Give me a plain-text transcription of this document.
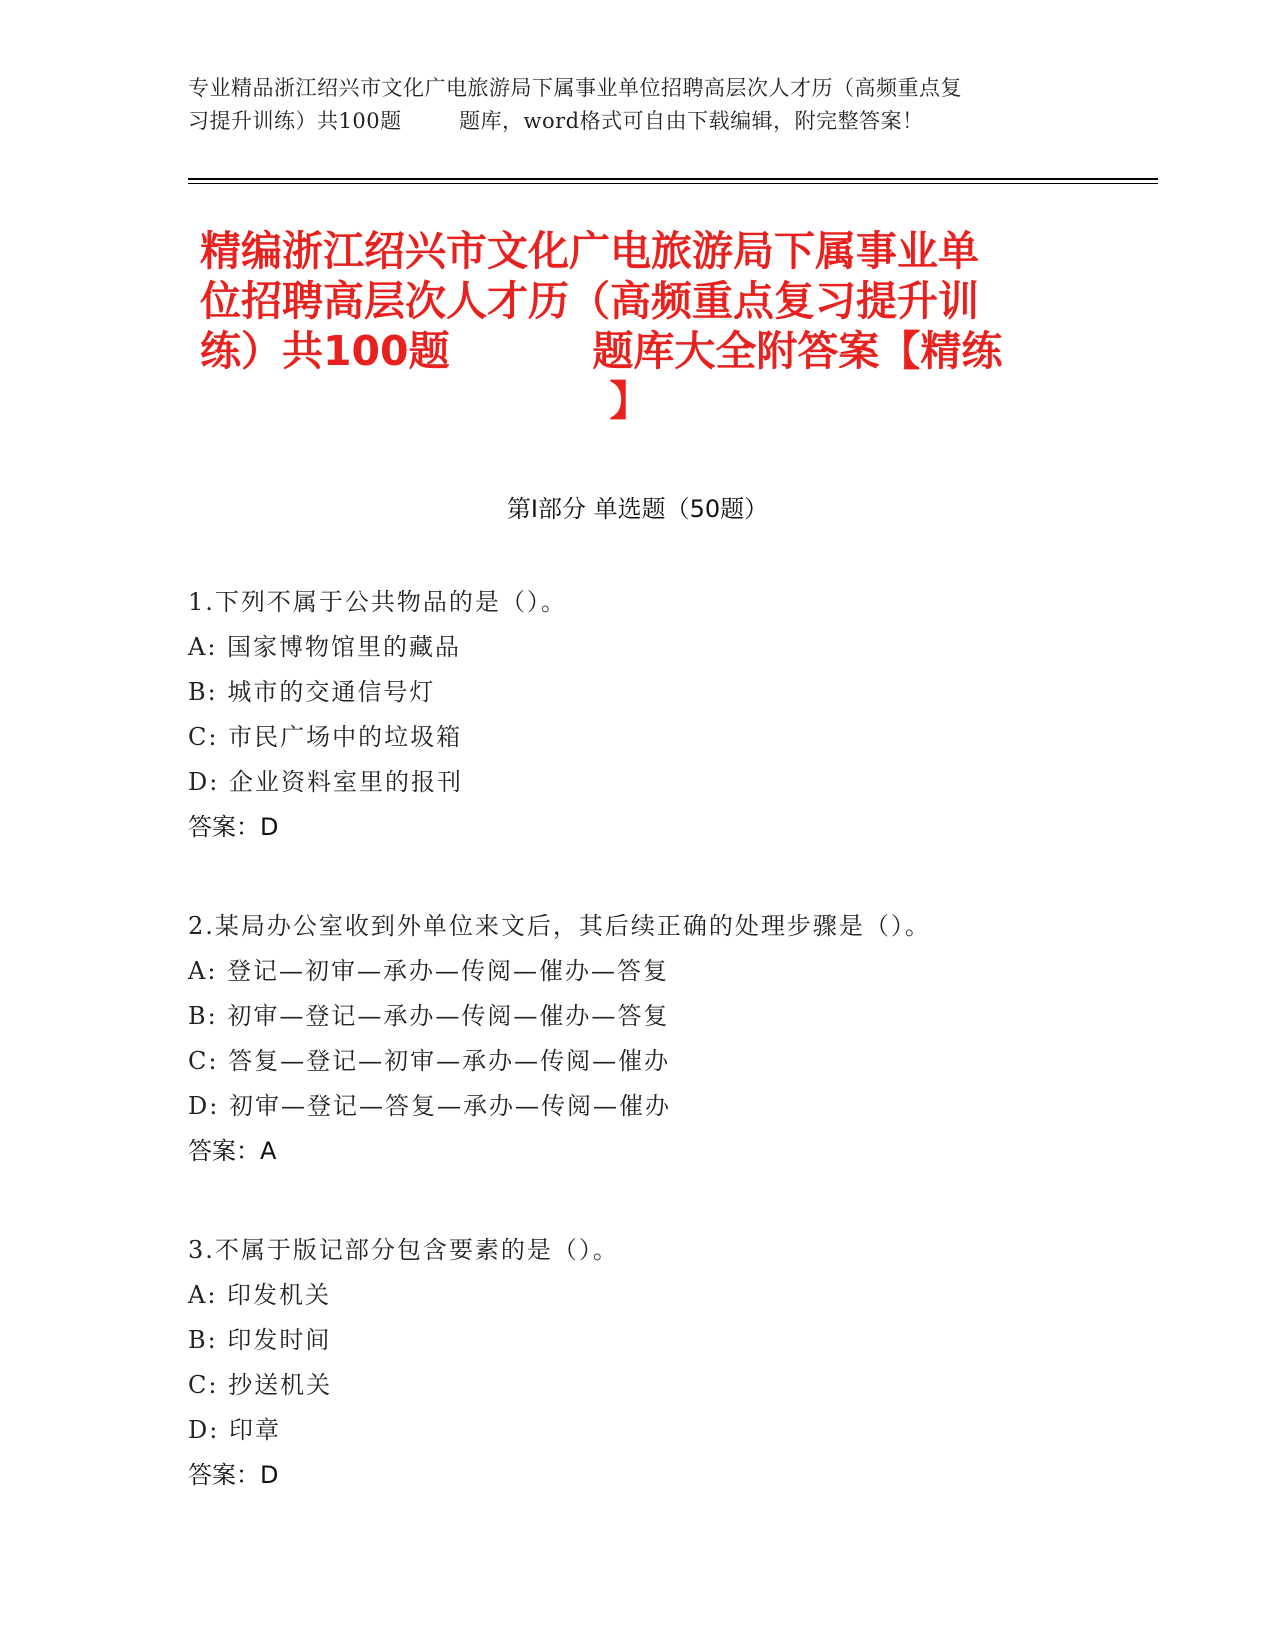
专业精品浙江绍兴市文化广电旅游局下属事业单位招聘高层次人才历（高频重点复
习提升训练）共100题        题库，word格式可自由下载编辑，附完整答案！
精编浙江绍兴市文化广电旅游局下属事业单
位招聘高层次人才历（高频重点复习提升训
练）共100题          题库大全附答案【精练
】
第Ⅰ部分 单选题（50题）
1.下列不属于公共物品的是（）。
A: 国家博物馆里的藏品
B: 城市的交通信号灯
C: 市民广场中的垃圾箱
D: 企业资料室里的报刊
答案：D
2.某局办公室收到外单位来文后，其后续正确的处理步骤是（）。
A: 登记—初审—承办—传阅—催办—答复
B: 初审—登记—承办—传阅—催办—答复
C: 答复—登记—初审—承办—传阅—催办
D: 初审—登记—答复—承办—传阅—催办
答案：A
3.不属于版记部分包含要素的是（）。
A: 印发机关
B: 印发时间
C: 抄送机关
D: 印章
答案：D
